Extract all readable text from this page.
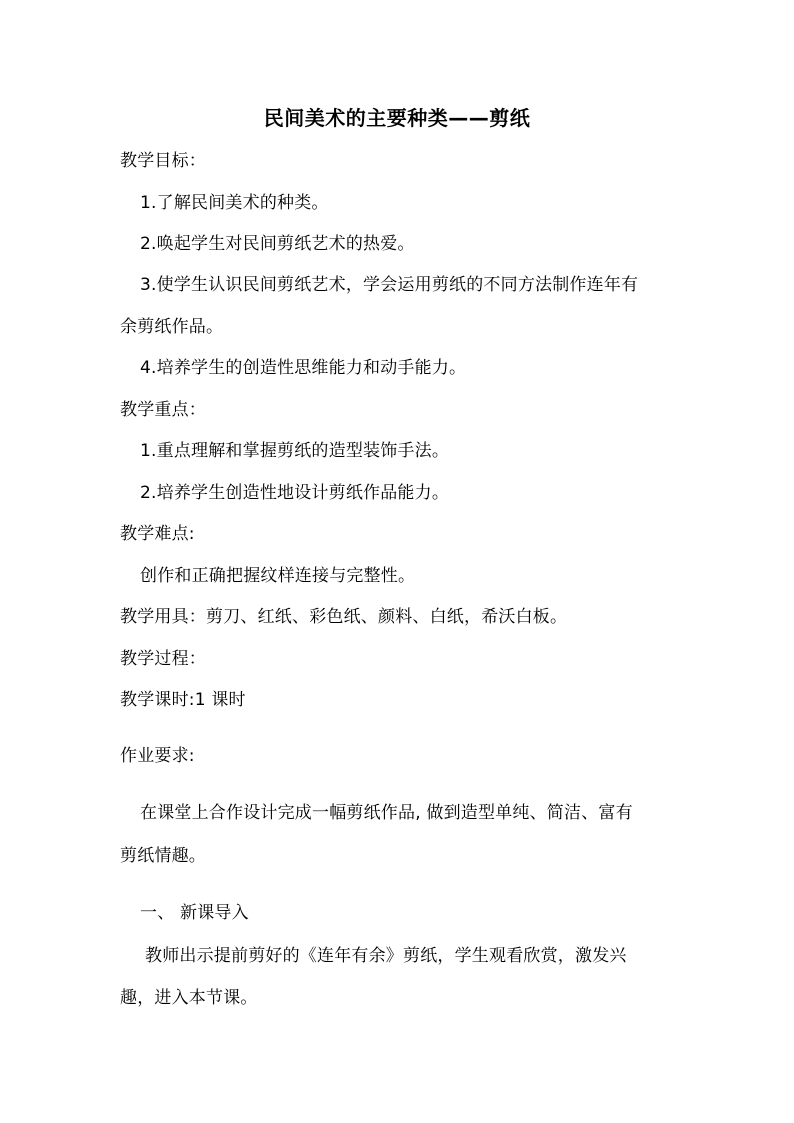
民间美术的主要种类——剪纸
教学目标：
1.了解民间美术的种类。
2.唤起学生对民间剪纸艺术的热爱。
3.使学生认识民间剪纸艺术，学会运用剪纸的不同方法制作连年有
余剪纸作品。
4.培养学生的创造性思维能力和动手能力。
教学重点：
1.重点理解和掌握剪纸的造型装饰手法。
2.培养学生创造性地设计剪纸作品能力。
教学难点:
创作和正确把握纹样连接与完整性。
教学用具：剪刀、红纸、彩色纸、颜料、白纸，希沃白板。
教学过程：
教学课时:1 课时
作业要求:
在课堂上合作设计完成一幅剪纸作品, 做到造型单纯、简洁、富有
剪纸情趣。
一、 新课导入
教师出示提前剪好的《连年有余》剪纸，学生观看欣赏，激发兴
趣，进入本节课。
